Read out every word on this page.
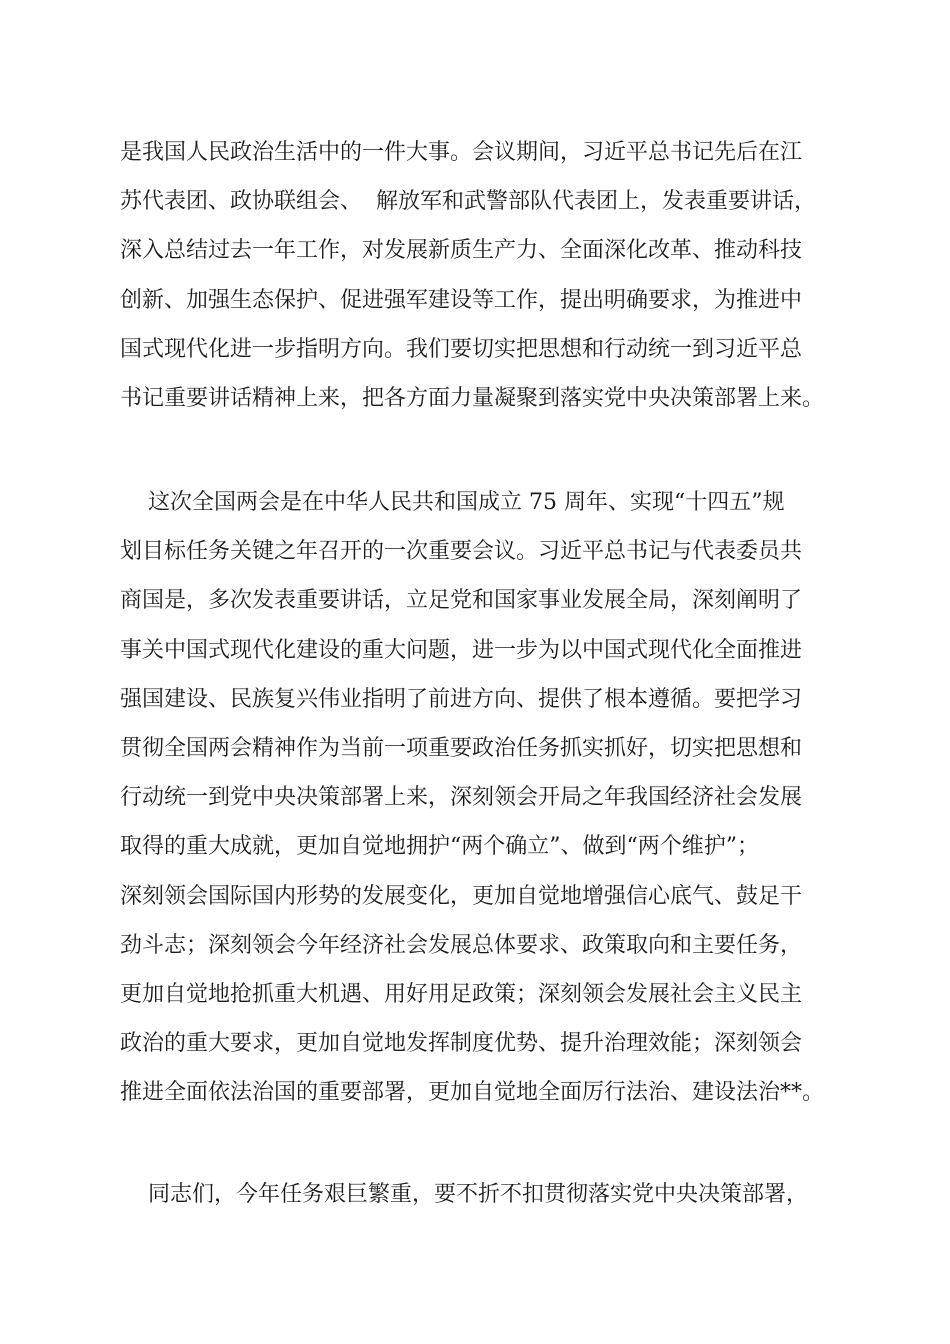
是我国人民政治生活中的一件大事。会议期间，习近平总书记先后在江
苏代表团、政协联组会、  解放军和武警部队代表团上，发表重要讲话，
深入总结过去一年工作，对发展新质生产力、全面深化改革、推动科技
创新、加强生态保护、促进强军建设等工作，提出明确要求，为推进中
国式现代化进一步指明方向。我们要切实把思想和行动统一到习近平总
书记重要讲话精神上来，把各方面力量凝聚到落实党中央决策部署上来。
这次全国两会是在中华人民共和国成立 75 周年、实现“十四五”规
划目标任务关键之年召开的一次重要会议。习近平总书记与代表委员共
商国是，多次发表重要讲话，立足党和国家事业发展全局，深刻阐明了
事关中国式现代化建设的重大问题，进一步为以中国式现代化全面推进
强国建设、民族复兴伟业指明了前进方向、提供了根本遵循。要把学习
贯彻全国两会精神作为当前一项重要政治任务抓实抓好，切实把思想和
行动统一到党中央决策部署上来，深刻领会开局之年我国经济社会发展
取得的重大成就，更加自觉地拥护“两个确立”、做到“两个维护”；
深刻领会国际国内形势的发展变化，更加自觉地增强信心底气、鼓足干
劲斗志；深刻领会今年经济社会发展总体要求、政策取向和主要任务，
更加自觉地抢抓重大机遇、用好用足政策；深刻领会发展社会主义民主
政治的重大要求，更加自觉地发挥制度优势、提升治理效能；深刻领会
推进全面依法治国的重要部署，更加自觉地全面厉行法治、建设法治**。
同志们，今年任务艰巨繁重，要不折不扣贯彻落实党中央决策部署，
